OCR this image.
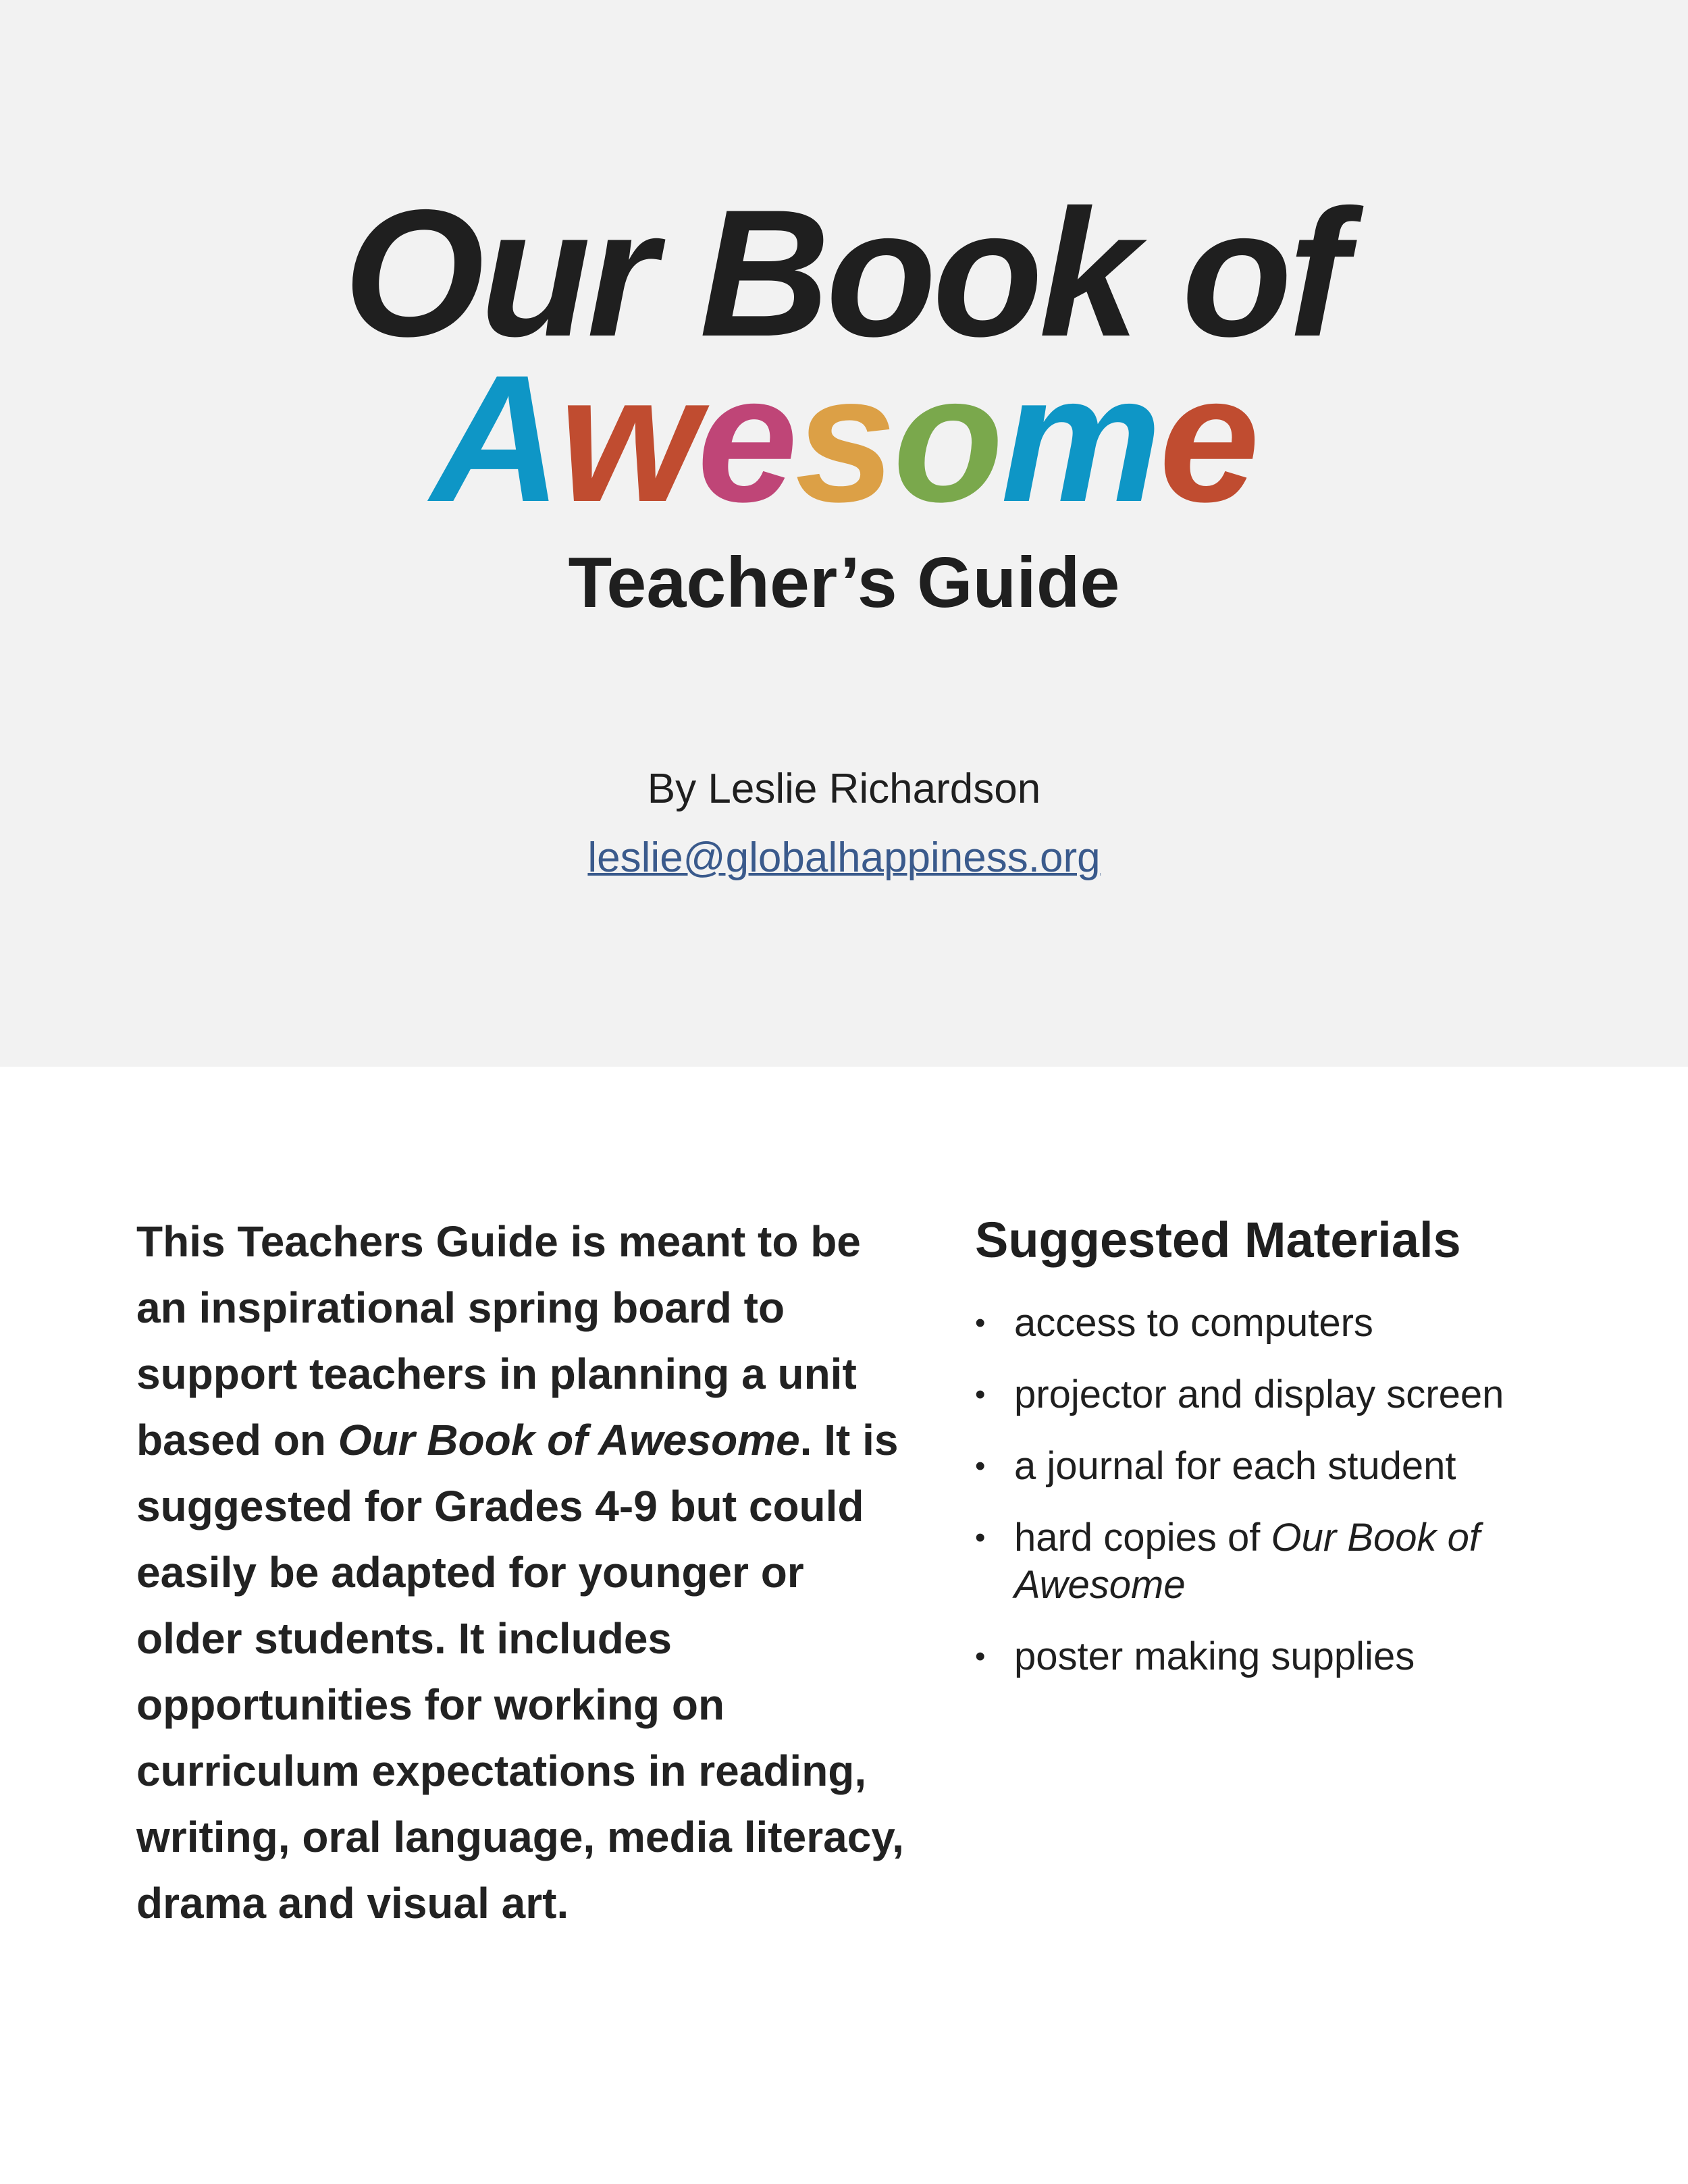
Our Book of
Awesome
Teacher’s Guide
By Leslie Richardson
leslie@globalhappiness.org
This Teachers Guide is meant to be an inspirational spring board to support teachers in planning a unit based on Our Book of Awesome. It is suggested for Grades 4-9 but could easily be adapted for younger or older students. It includes opportunities for working on curriculum expectations in reading, writing, oral language, media literacy, drama and visual art.
Suggested Materials
• access to computers
• projector and display screen
• a journal for each student
• hard copies of Our Book of Awesome
• poster making supplies
